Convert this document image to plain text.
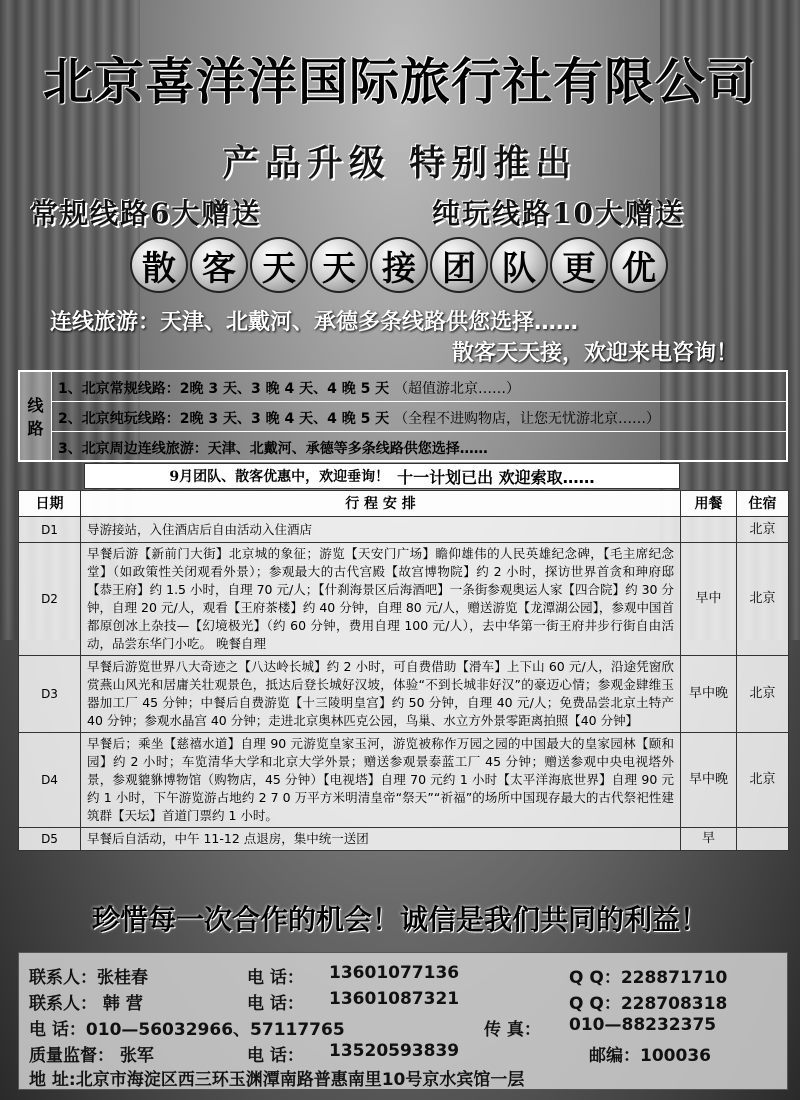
北京喜洋洋国际旅行社有限公司
产品升级 特别推出
常规线路6大赠送	纯玩线路10大赠送
散 客 天 天 接 团 队 更 优
连线旅游：天津、北戴河、承德多条线路供您选择……
散客天天接，欢迎来电咨询！
线
路
1、北京常规线路：2晚 3 天、3 晚 4 天、4 晚 5 天 （超值游北京……）
2、北京纯玩线路：2晚 3 天、3 晚 4 天、4 晚 5 天 （全程不进购物店，让您无忧游北京……）
3、北京周边连线旅游：天津、北戴河、承德等多条线路供您选择……
9月团队、散客优惠中，欢迎垂询！ 十一计划已出 欢迎索取……
日期	行 程 安 排	用餐	住宿
D1	导游接站，入住酒店后自由活动入住酒店		北京
D2	早餐后游【新前门大街】北京城的象征；游览【天安门广场】瞻仰雄伟的人民英雄纪念碑，【毛主席纪念堂】（如政策性关闭观看外景）；参观最大的古代宫殿【故宫博物院】约 2 小时，探访世界首贪和珅府邸【恭王府】约 1.5 小时，自理 70 元/人；【什刹海景区后海酒吧】一条街参观奥运人家【四合院】约 30 分钟，自理 20 元/人，观看【王府茶楼】约 40 分钟，自理 80 元/人，赠送游览【龙潭湖公园】，参观中国首都原创冰上杂技—【幻境极光】（约 60 分钟，费用自理 100 元/人），去中华第一街王府井步行街自由活动，品尝东华门小吃。 晚餐自理	早中	北京
D3	早餐后游览世界八大奇迹之【八达岭长城】约 2 小时，可自费借助【滑车】上下山 60 元/人，沿途凭窗欣赏燕山风光和居庸关壮观景色，抵达后登长城好汉坡，体验“不到长城非好汉”的豪迈心情；参观金肆维玉器加工厂 45 分钟；中餐后自费游览【十三陵明皇宫】约 50 分钟，自理 40 元/人；免费品尝北京土特产 40 分钟；参观水晶宫 40 分钟；走进北京奥林匹克公园，鸟巢、水立方外景零距离拍照【40 分钟】	早中晚	北京
D4	早餐后；乘坐【慈禧水道】自理 90 元游览皇家玉河，游览被称作万园之园的中国最大的皇家园林【颐和园】约 2 小时；车览清华大学和北京大学外景；赠送参观景泰蓝工厂 45 分钟；赠送参观中央电视塔外景，参观貔貅博物馆（购物店，45 分钟）【电视塔】自理 70 元约 1 小时【太平洋海底世界】自理 90 元约 1 小时，下午游览游占地约 2 7 0 万平方米明清皇帝“祭天”“祈福”的场所中国现存最大的古代祭祀性建筑群【天坛】首道门票约 1 小时。	早中晚	北京
D5	早餐后自活动，中午 11-12 点退房，集中统一送团	早	
珍惜每一次合作的机会！诚信是我们共同的利益！
联系人：张桂春	电 话： 13601077136	Q Q：228871710
联系人： 韩 营	电 话： 13601087321	Q Q：228708318
电 话：010—56032966、57117765	传 真： 010—88232375
质量监督： 张军	电 话： 13520593839	邮编：100036
地 址:北京市海淀区西三环玉渊潭南路普惠南里10号京水宾馆一层
